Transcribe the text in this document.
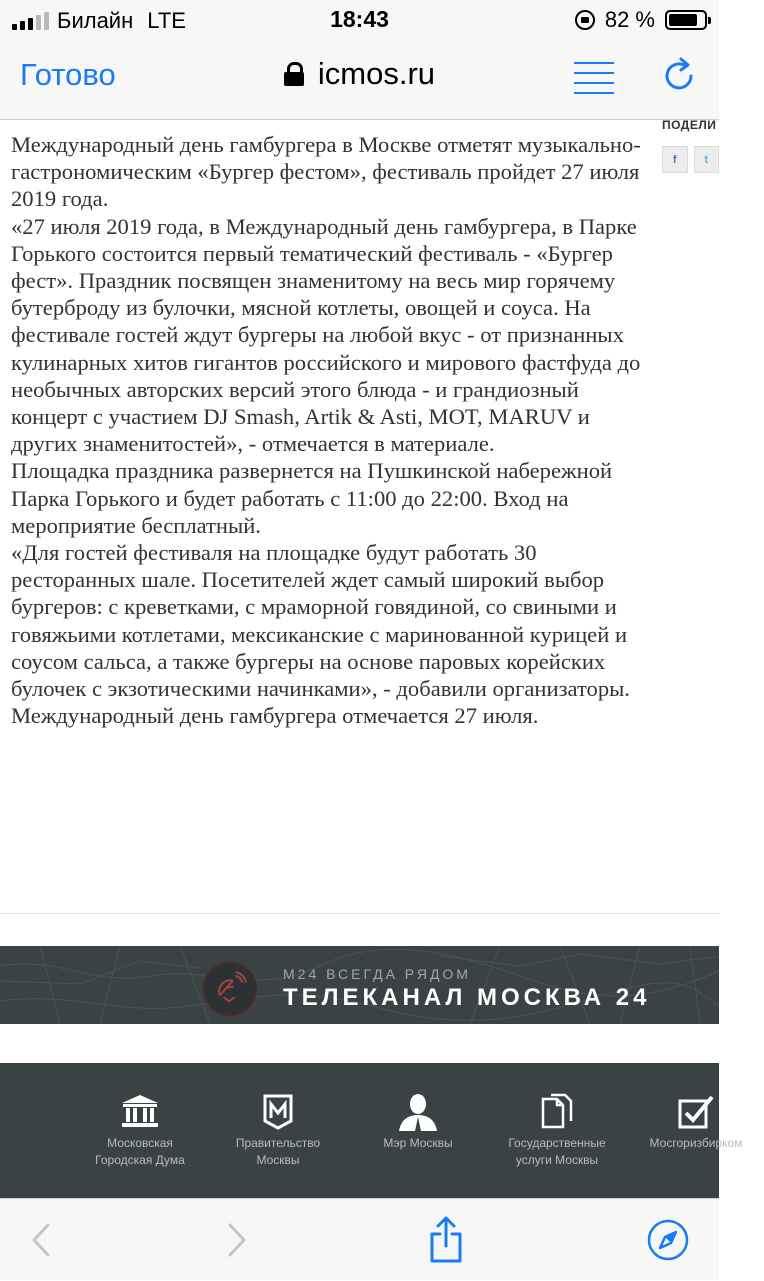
Билайн LTE	18:43	82 %
Готово	icmos.ru

Международный день гамбургера в Москве отметят музыкально-гастрономическим «Бургер фестом», фестиваль пройдет 27 июля 2019 года.

«27 июля 2019 года, в Международный день гамбургера, в Парке Горького состоится первый тематический фестиваль - «Бургер фест». Праздник посвящен знаменитому на весь мир горячему бутерброду из булочки, мясной котлеты, овощей и соуса. На фестивале гостей ждут бургеры на любой вкус - от признанных кулинарных хитов гигантов российского и мирового фастфуда до необычных авторских версий этого блюда - и грандиозный концерт с участием DJ Smash, Artik & Asti, MOT, MARUV и других знаменитостей», - отмечается в материале.

Площадка праздника развернется на Пушкинской набережной Парка Горького и будет работать с 11:00 до 22:00. Вход на мероприятие бесплатный.

«Для гостей фестиваля на площадке будут работать 30 ресторанных шале. Посетителей ждет самый широкий выбор бургеров: с креветками, с мраморной говядиной, со свиными и говяжьими котлетами, мексиканские с маринованной курицей и соусом сальса, а также бургеры на основе паровых корейских булочек с экзотическими начинками», - добавили организаторы.

Международный день гамбургера отмечается 27 июля.

ПОДЕЛИ
f	t
M24 ВСЕГДА РЯДОМ
ТЕЛЕКАНАЛ МОСКВА 24
Московская
Городская Дума
Правительство
Москвы
Мэр Москвы	Государственные
услуги Москвы
Мосгоризбирком
